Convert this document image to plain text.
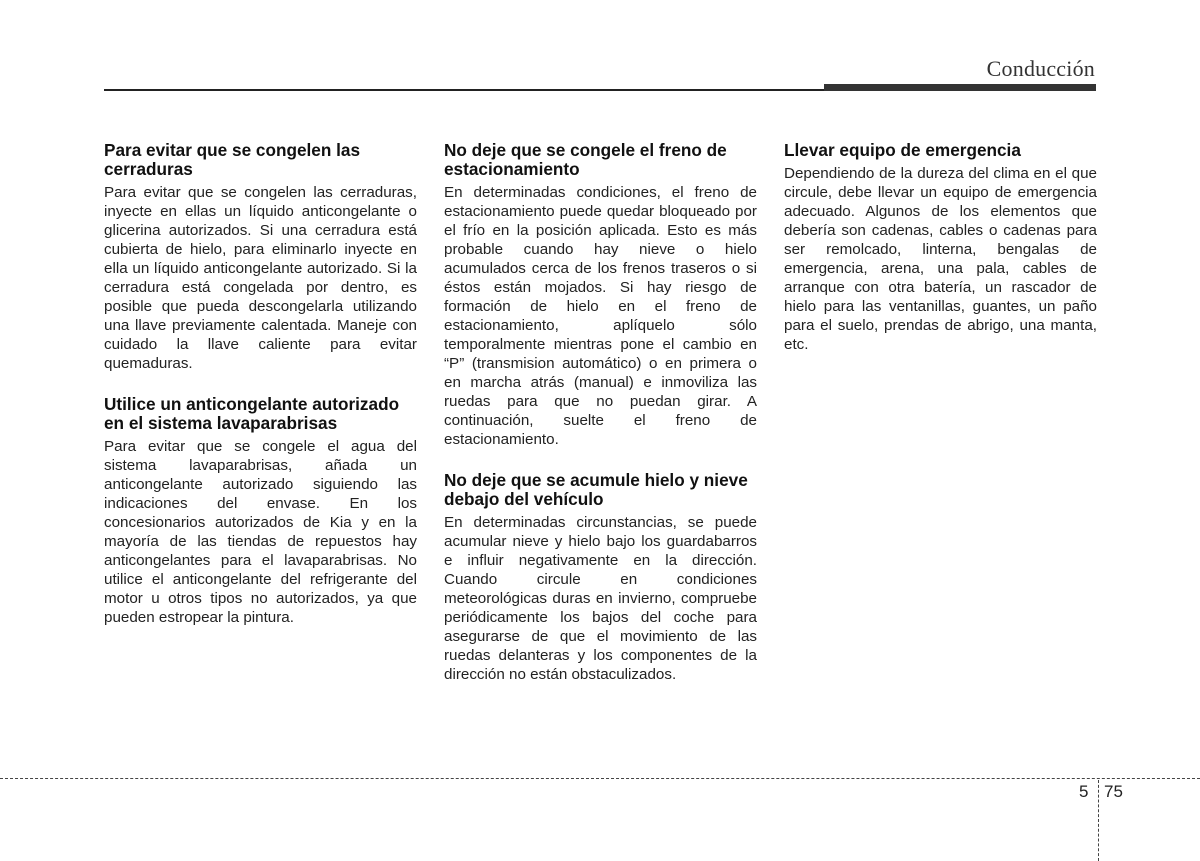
Conducción
Para evitar que se congelen las cerraduras

Para evitar que se congelen las cerraduras, inyecte en ellas un líquido anticongelante o glicerina autorizados. Si una cerradura está cubierta de hielo, para eliminarlo inyecte en ella un líquido anticongelante autorizado. Si la cerradura está congelada por dentro, es posible que pueda descongelarla utilizando una llave previamente calentada. Maneje con cuidado la llave caliente para evitar quemaduras.

Utilice un anticongelante autorizado en el sistema lavaparabrisas

Para evitar que se congele el agua del sistema lavaparabrisas, añada un anticongelante autorizado siguiendo las indicaciones del envase. En los concesionarios autorizados de Kia y en la mayoría de las tiendas de repuestos hay anticongelantes para el lavaparabrisas. No utilice el anticongelante del refrigerante del motor u otros tipos no autorizados, ya que pueden estropear la pintura.

No deje que se congele el freno de estacionamiento

En determinadas condiciones, el freno de estacionamiento puede quedar bloqueado por el frío en la posición aplicada. Esto es más probable cuando hay nieve o hielo acumulados cerca de los frenos traseros o si éstos están mojados. Si hay riesgo de formación de hielo en el freno de estacionamiento, aplíquelo sólo temporalmente mientras pone el cambio en “P” (transmision automático) o en primera o en marcha atrás (manual) e inmoviliza las ruedas para que no puedan girar. A continuación, suelte el freno de estacionamiento.

No deje que se acumule hielo y nieve debajo del vehículo

En determinadas circunstancias, se puede acumular nieve y hielo bajo los guardabarros e influir negativamente en la dirección. Cuando circule en condiciones meteorológicas duras en invierno, compruebe periódicamente los bajos del coche para asegurarse de que el movimiento de las ruedas delanteras y los componentes de la dirección no están obstaculizados.

Llevar equipo de emergencia

Dependiendo de la dureza del clima en el que circule, debe llevar un equipo de emergencia adecuado. Algunos de los elementos que debería son cadenas, cables o cadenas para ser remolcado, linterna, bengalas de emergencia, arena, una pala, cables de arranque con otra batería, un rascador de hielo para las ventanillas, guantes, un paño para el suelo, prendas de abrigo, una manta, etc.

5 75
